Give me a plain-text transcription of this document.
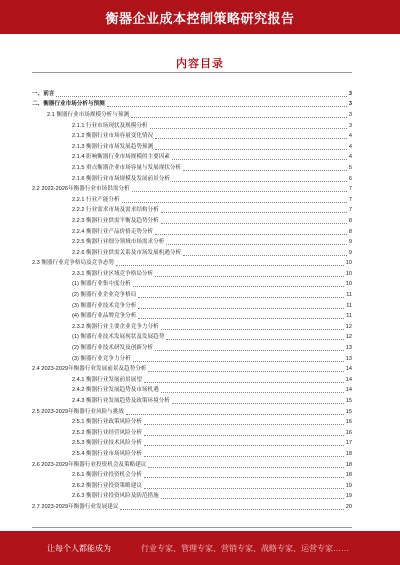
衡器企业成本控制策略研究报告
内容目录
一、前言	3
二、衡器行业市场分析与预测	3
2.1 衡器行业市场规模分析与预测	3
2.1.1 行业市场现状及规模分析	3
2.1.2 衡器行业市场容量变化情况	4
2.1.3 衡器行业市场发展趋势预测	4
2.1.4 影响衡器行业市场规模的主要因素	4
2.1.5 重点衡器企业市场容量与发展现状分析	5
2.1.6 衡器行业市场规模及发展前景分析	6
2.2 2022-2026年衡器行业市场供需分析	7
2.2.1 行业产能分析	7
2.2.2 行业需求市场及需求结构分析	7
2.2.3 衡器行业供需平衡及趋势分析	8
2.2.4 衡器行业产品价格走势分析	8
2.2.5 衡器行业细分领域市场需求分析	9
2.2.6 衡器行业供需关系及市场发展机遇分析	9
2.3 衡器行业竞争格局及竞争态势	10
2.3.1 衡器行业区域竞争格局分析	10
(1) 衡器行业集中度分析	10
(2) 衡器行业企业竞争格局	11
(3) 衡器行业技术竞争分析	11
(4) 衡器行业品牌竞争分析	11
2.3.2 衡器行业主要企业竞争力分析	12
(1) 衡器行业技术发展现状及发展趋势	12
(2) 衡器行业技术研发及创新分析	13
(3) 衡器行业竞争力分析	13
2.4 2023-2029年衡器行业发展前景及趋势分析	14
2.4.1 衡器行业发展前景展望	14
2.4.2 衡器行业发展趋势及市场机遇	14
2.4.3 衡器行业发展趋势及政策环境分析	15
2.5 2023-2029年衡器行业风险与挑战	15
2.5.1 衡器行业政策风险分析	16
2.5.2 衡器行业经营风险分析	16
2.5.3 衡器行业技术风险分析	17
2.5.4 衡器行业市场风险分析	18
2.6 2023-2029年衡器行业投资机会及策略建议	18
2.6.1 衡器行业投资机会分析	18
2.6.2 衡器行业投资策略建议	19
2.6.3 衡器行业投资风险及防范措施	19
2.7 2023-2029年衡器行业发展建议	20
让每个人都能成为	行业专家、管理专家、营销专家、战略专家、运营专家……
